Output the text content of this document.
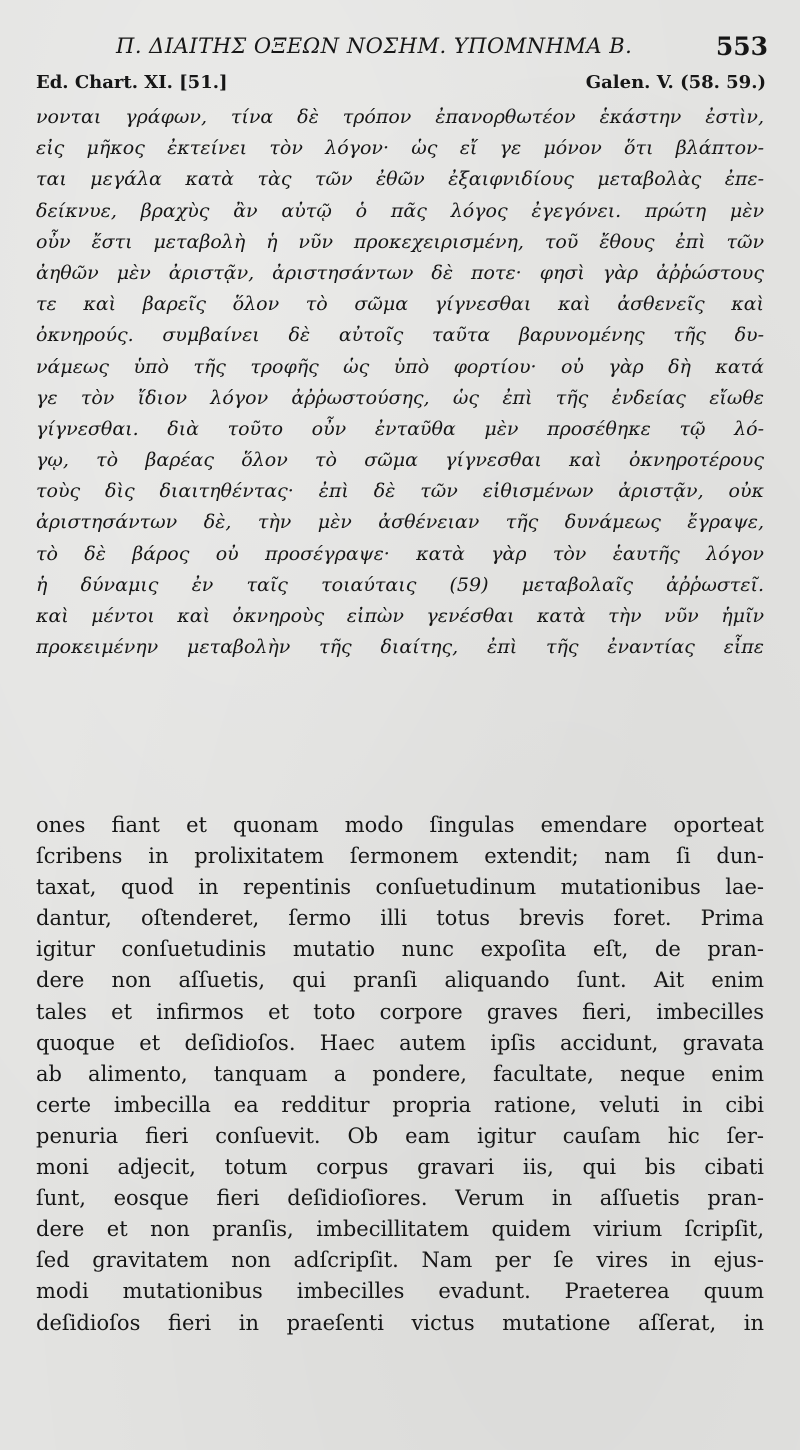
Π. ΔΙΑΙΤΗΣ ΟΞΕΩΝ ΝΟΣΗΜ. ΥΠΟΜΝΗΜΑ Β.	553
Ed. Chart. XI. [51.]	Galen. V. (58. 59.)
νονται γράφων, τίνα δὲ τρόπον ἐπανορθωτέον ἑκάστην ἐστὶν,
εἰς μῆκος ἐκτείνει τὸν λόγον· ὡς εἴ γε μόνον ὅτι βλάπτον-
ται μεγάλα κατὰ τὰς τῶν ἐθῶν ἐξαιφνιδίους μεταβολὰς ἐπε-
δείκνυε, βραχὺς ἂν αὐτῷ ὁ πᾶς λόγος ἐγεγόνει. πρώτη μὲν
οὖν ἔστι μεταβολὴ ἡ νῦν προκεχειρισμένη, τοῦ ἔθους ἐπὶ τῶν
ἀηθῶν μὲν ἀριστᾷν, ἀριστησάντων δὲ ποτε· φησὶ γὰρ ἀῤῥώστους
τε καὶ βαρεῖς ὅλον τὸ σῶμα γίγνεσθαι καὶ ἀσθενεῖς καὶ
ὀκνηρούς. συμβαίνει δὲ αὐτοῖς ταῦτα βαρυνομένης τῆς δυ-
νάμεως ὑπὸ τῆς τροφῆς ὡς ὑπὸ φορτίου· οὐ γὰρ δὴ κατά
γε τὸν ἴδιον λόγον ἀῤῥωστούσης, ὡς ἐπὶ τῆς ἐνδείας εἴωθε
γίγνεσθαι. διὰ τοῦτο οὖν ἐνταῦθα μὲν προσέθηκε τῷ λό-
γῳ, τὸ βαρέας ὅλον τὸ σῶμα γίγνεσθαι καὶ ὀκνηροτέρους
τοὺς δὶς διαιτηθέντας· ἐπὶ δὲ τῶν εἰθισμένων ἀριστᾷν, οὐκ
ἀριστησάντων δὲ, τὴν μὲν ἀσθένειαν τῆς δυνάμεως ἔγραψε,
τὸ δὲ βάρος οὐ προσέγραψε· κατὰ γὰρ τὸν ἑαυτῆς λόγον
ἡ δύναμις ἐν ταῖς τοιαύταις (59) μεταβολαῖς ἀῤῥωστεῖ.
καὶ μέντοι καὶ ὀκνηροὺς εἰπὼν γενέσθαι κατὰ τὴν νῦν ἡμῖν
προκειμένην μεταβολὴν τῆς διαίτης, ἐπὶ τῆς ἐναντίας εἶπε
ones fiant et quonam modo ſingulas emendare oporteat
ſcribens in prolixitatem ſermonem extendit; nam ſi dun-
taxat, quod in repentinis conſuetudinum mutationibus lae-
dantur, oſtenderet, ſermo illi totus brevis foret. Prima
igitur conſuetudinis mutatio nunc expoſita eſt, de pran-
dere non aſſuetis, qui pranſi aliquando ſunt. Ait enim
tales et infirmos et toto corpore graves fieri, imbecilles
quoque et deſidioſos. Haec autem ipſis accidunt, gravata
ab alimento, tanquam a pondere, facultate, neque enim
certe imbecilla ea redditur propria ratione, veluti in cibi
penuria fieri conſuevit. Ob eam igitur cauſam hic ſer-
moni adjecit, totum corpus gravari iis, qui bis cibati
ſunt, eosque fieri deſidioſiores. Verum in aſſuetis pran-
dere et non pranſis, imbecillitatem quidem virium ſcripſit,
ſed gravitatem non adſcripſit. Nam per ſe vires in ejus-
modi mutationibus imbecilles evadunt. Praeterea quum
deſidioſos fieri in praeſenti victus mutatione aſſerat, in
